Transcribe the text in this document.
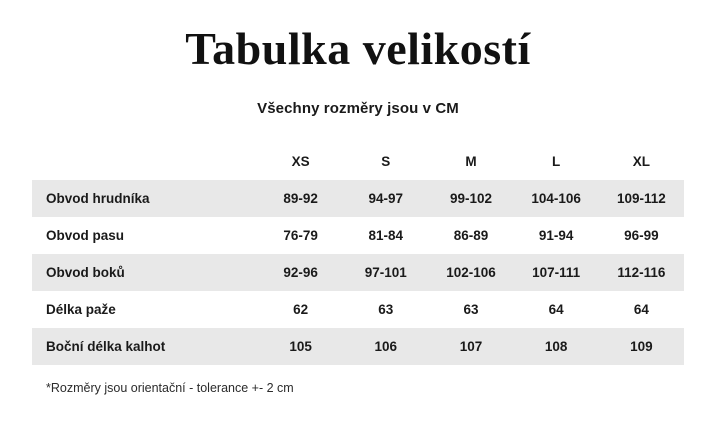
Tabulka velikostí

Všechny rozměry jsou v CM

	XS	S	M	L	XL
Obvod hrudníka	89-92	94-97	99-102	104-106	109-112
Obvod pasu	76-79	81-84	86-89	91-94	96-99
Obvod boků	92-96	97-101	102-106	107-111	112-116
Délka paže	62	63	63	64	64
Boční délka kalhot	105	106	107	108	109
*Rozměry jsou orientační - tolerance +- 2 cm
